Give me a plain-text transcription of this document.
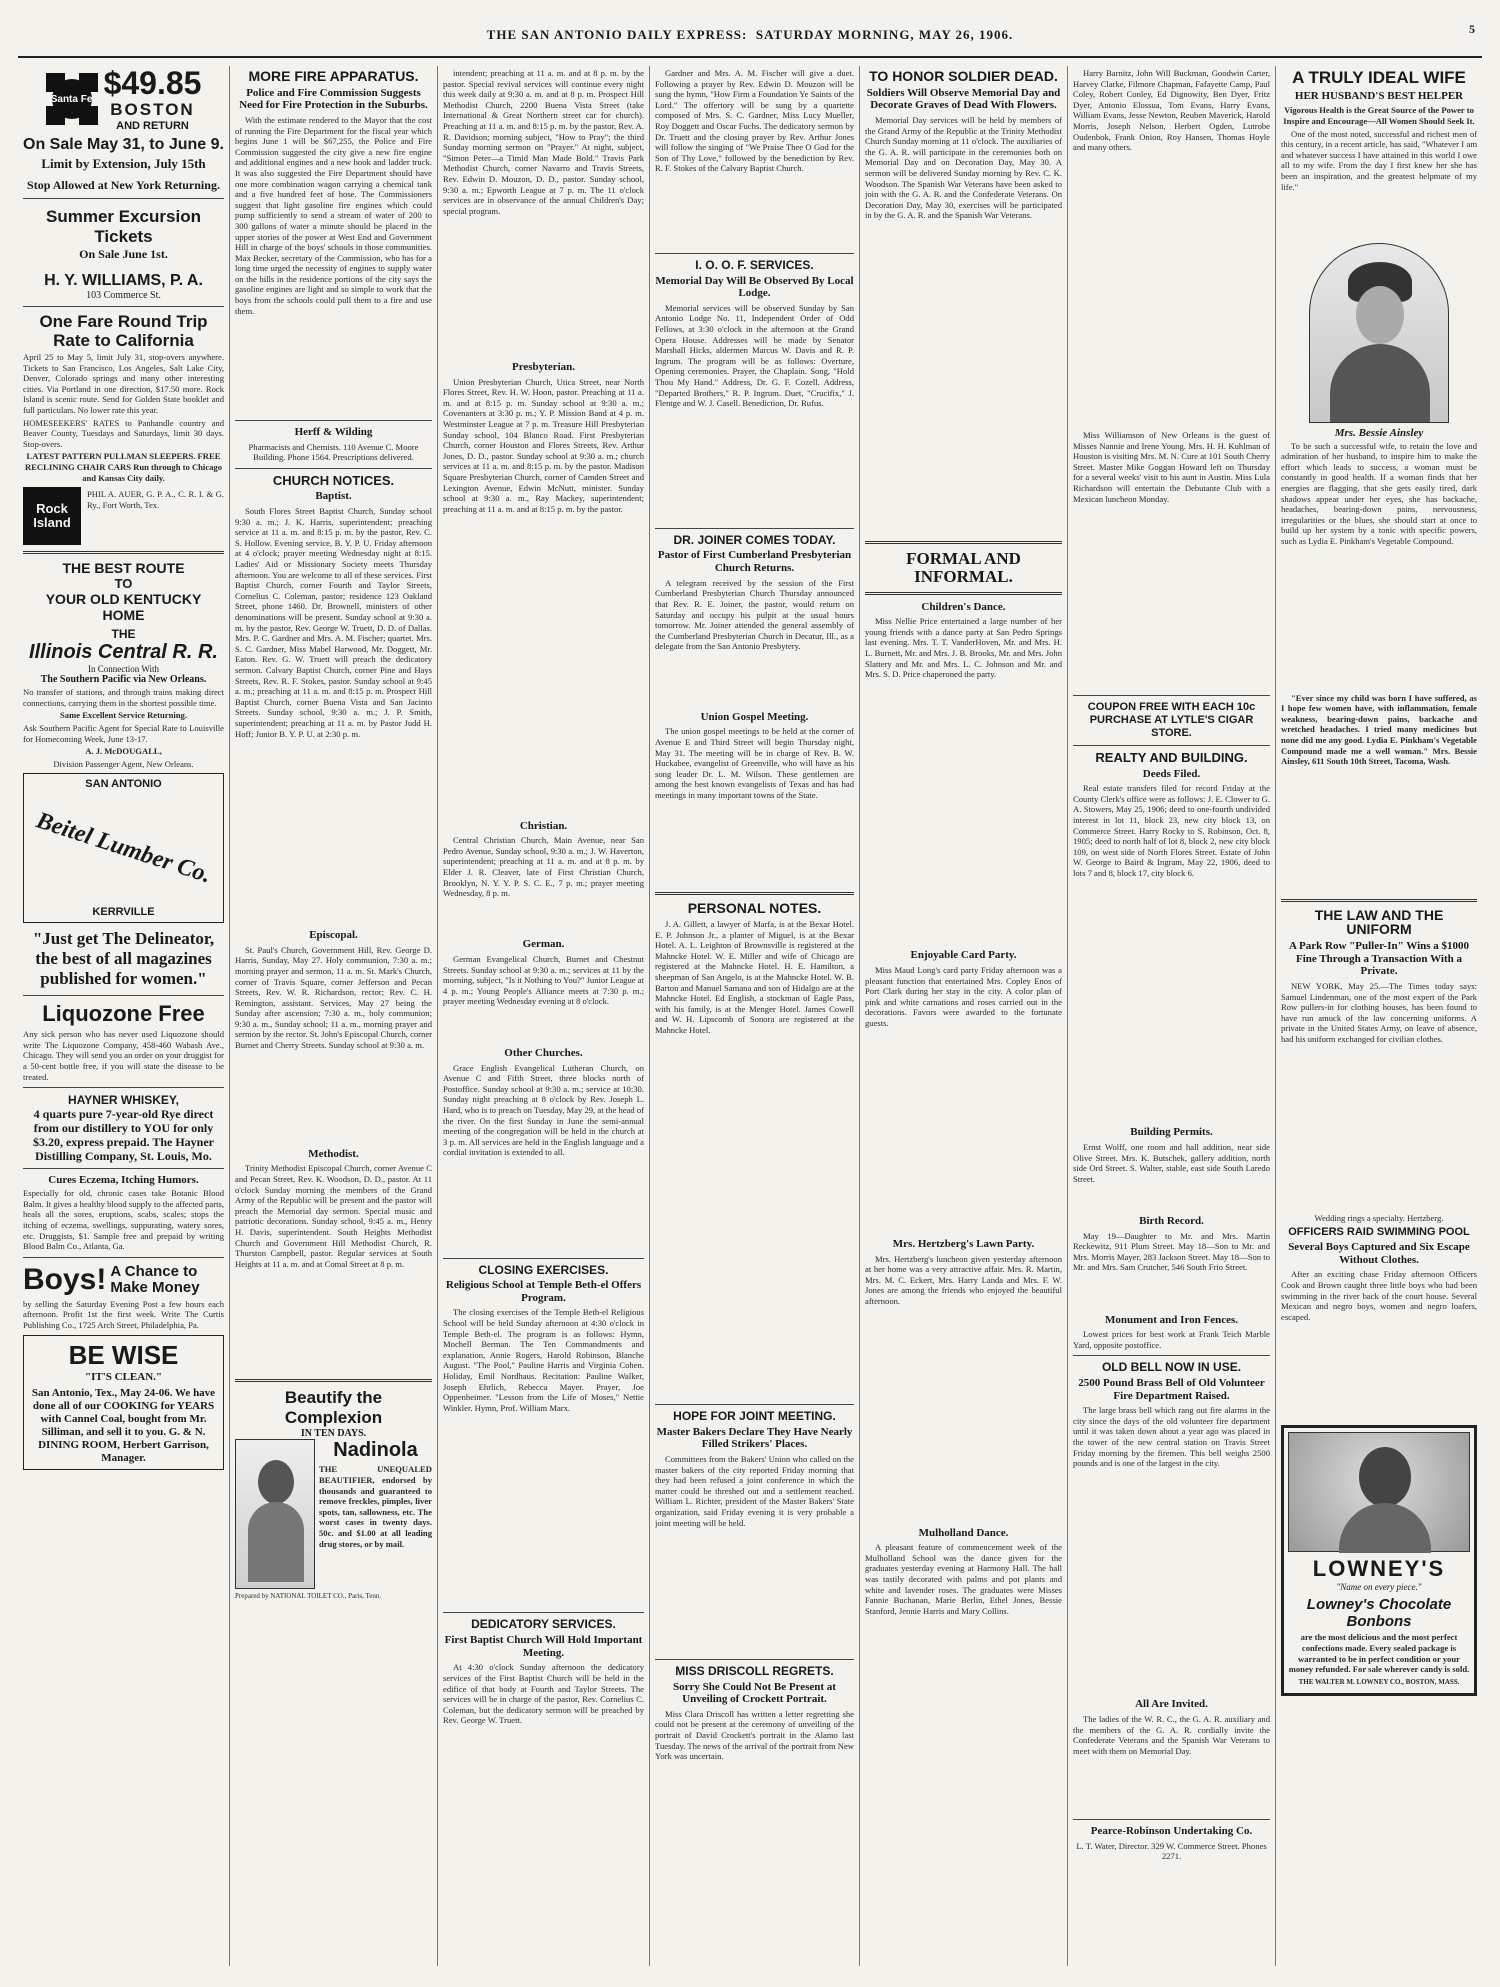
THE SAN ANTONIO DAILY EXPRESS:
SATURDAY MORNING, MAY 26, 1906.	5
Santa Fe $49.85
BOSTON
AND RETURN
On Sale May 31, to June 9.
Limit by Extension, July 15th
Stop Allowed at New York Returning.
Summer Excursion Tickets
On Sale June 1st.
H. Y. WILLIAMS, P. A.
103 Commerce St.
One Fare Round Trip Rate to California
April 25 to May 5, limit July 31, stop-overs anywhere. Tickets to San Francisco, Los Angeles, Salt Lake City, Denver, Colorado springs and many other interesting cities. Via Portland in one direction, $17.50 more. Rock Island is scenic route. Send for Golden State booklet and full particulars. No lower rate this year.
HOMESEEKERS' RATES to Panhandle country and Beaver County, Tuesdays and Saturdays, limit 30 days. Stop-overs.
LATEST PATTERN PULLMAN SLEEPERS. FREE RECLINING CHAIR CARS Run through to Chicago and Kansas City daily.
Rock
Island
PHIL A. AUER, G. P. A., C. R. I. & G. Ry., Fort Worth, Tex.
THE BEST ROUTE
TO
YOUR OLD KENTUCKY HOME
THE
Illinois Central R. R.
In Connection With
The Southern Pacific via New Orleans.
No transfer of stations, and through trains making direct connections, carrying them in the shortest possible time.
Same Excellent Service Returning.
Ask Southern Pacific Agent for Special Rate to Louisville for Homecoming Week, June 13-17.
A. J. McDOUGALL,
Division Passenger Agent, New Orleans.
SAN ANTONIO
Beitel Lumber Co.
KERRVILLE
"Just get The Delineator, the best of all magazines published for women."
Liquozone Free
Any sick person who has never used Liquozone should write The Liquozone Company, 458-460 Wabash Ave., Chicago. They will send you an order on your druggist for a 50-cent bottle free, if you will state the disease to be treated.
HAYNER WHISKEY,
4 quarts pure 7-year-old Rye direct from our distillery to YOU for only $3.20, express prepaid. The Hayner Distilling Company, St. Louis, Mo.
Cures Eczema, Itching Humors.
Especially for old, chronic cases take Botanic Blood Balm. It gives a healthy blood supply to the affected parts, heals all the sores, eruptions, scabs, scales; stops the itching of eczema, swellings, suppurating, watery sores, etc. Druggists, $1. Sample free and prepaid by writing Blood Balm Co., Atlanta, Ga.
Boys! A Chance to Make Money
by selling the Saturday Evening Post a few hours each afternoon. Profit 1st the first week. Write The Curtis Publishing Co., 1725 Arch Street, Philadelphia, Pa.
BE WISE
"IT'S CLEAN."
San Antonio, Tex., May 24-06. We have done all of our COOKING for YEARS with Cannel Coal, bought from Mr. Silliman, and sell it to you. G. & N. DINING ROOM, Herbert Garrison, Manager.
MORE FIRE APPARATUS.
Police and Fire Commission Suggests Need for Fire Protection in the Suburbs.
With the estimate rendered to the Mayor that the cost of running the Fire Department for the fiscal year which begins June 1 will be $67,255, the Police and Fire Commission suggested the city give a new fire engine and additional engines and a new hook and ladder truck. It was also suggested the Fire Department should have one more combination wagon carrying a chemical tank and a five hundred feet of hose. The Commissioners suggest that light gasoline fire engines which could pump sufficiently to send a stream of water of 200 to 300 gallons of water a minute should be placed in the upper stories of the power at West End and Government Hill in charge of the boys' schools in those communities. Max Becker, secretary of the Commission, who has for a long time urged the necessity of engines to supply water on the hills in the residence portions of the city says the gasoline engines are light and so simple to work that the boys from the schools could pull them to a fire and use them.
Herff & Wilding
Pharmacists and Chemists. 110 Avenue C. Moore Building. Phone 1564. Prescriptions delivered.
CHURCH NOTICES.
Baptist.
South Flores Street Baptist Church, Sunday school 9:30 a. m.; J. K. Harris, superintendent; preaching service at 11 a. m. and 8:15 p. m. by the pastor, Rev. C. S. Hollow. Evening service, B. Y. P. U. Friday afternoon at 4 o'clock; prayer meeting Wednesday night at 8:15. Ladies' Aid or Missionary Society meets Thursday afternoon. You are welcome to all of these services. First Baptist Church, corner Fourth and Taylor Streets, Cornelius C. Coleman, pastor; residence 123 Oakland Street, phone 1460. Dr. Brownell, ministers of other denominations will be present. Sunday school at 9:30 a. m. by the pastor, Rev. George W. Truett, D. D. of Dallas. Mrs. P. C. Gardner and Mrs. A. M. Fischer; quartet. Mrs. S. C. Gardner, Miss Mabel Harwood, Mr. Doggett, Mr. Eaton. Rev. G. W. Truett will preach the dedicatory sermon. Calvary Baptist Church, corner Pine and Hays Streets, Rev. R. F. Stokes, pastor. Sunday school at 9:45 a. m.; preaching at 11 a. m. and 8:15 p. m. Prospect Hill Baptist Church, corner Buena Vista and San Jacinto Streets. Sunday school, 9:30 a. m.; J. P. Smith, superintendent; preaching at 11 a. m. by Pastor Judd H. Hoff; Junior B. Y. P. U. at 2:30 p. m.
Episcopal.
St. Paul's Church, Government Hill, Rev. George D. Harris, Sunday, May 27. Holy communion, 7:30 a. m.; morning prayer and sermon, 11 a. m. St. Mark's Church, corner of Travis Square, corner Jefferson and Pecan Streets, Rev. W. R. Richardson, rector; Rev. C. H. Remington, assistant. Services, May 27 being the Sunday after ascension; 7:30 a. m., holy communion; 9:30 a. m., Sunday school; 11 a. m., morning prayer and sermon by the rector. St. John's Episcopal Church, corner Burnet and Cherry Streets. Sunday school at 9:30 a. m.
Methodist.
Trinity Methodist Episcopal Church, corner Avenue C and Pecan Street, Rev. K. Woodson, D. D., pastor. At 11 o'clock Sunday morning the members of the Grand Army of the Republic will be present and the pastor will preach the Memorial day sermon. Special music and patriotic decorations. Sunday school, 9:45 a. m., Henry H. Davis, superintendent. South Heights Methodist Church and Government Hill Methodist Church, R. Thurston Campbell, pastor. Regular services at South Heights at 11 a. m. and at Comal Street at 8 p. m.
Beautify the Complexion
IN TEN DAYS.
Nadinola
THE UNEQUALED BEAUTIFIER, endorsed by thousands and guaranteed to remove freckles, pimples, liver spots, tan, sallowness, etc. The worst cases in twenty days. 50c. and $1.00 at all leading drug stores, or by mail.
Prepared by NATIONAL TOILET CO., Paris, Tenn.
intendent; preaching at 11 a. m. and at 8 p. m. by the pastor. Special revival services will continue every night this week daily at 9:30 a. m. and at 8 p. m. Prospect Hill Methodist Church, 2200 Buena Vista Street (take International & Great Northern street car for church). Preaching at 11 a. m. and 8:15 p. m. by the pastor, Rev. A. R. Davidson; morning subject, "How to Pray"; the third Sunday morning sermon on "Prayer." At night, subject, "Simon Peter—a Timid Man Made Bold." Travis Park Methodist Church, corner Navarro and Travis Streets, Rev. Edwin D. Mouzon, D. D., pastor. Sunday school, 9:30 a. m.; Epworth League at 7 p. m. The 11 o'clock services are in observance of the annual Children's Day; special program.
Presbyterian.
Union Presbyterian Church, Utica Street, near North Flores Street, Rev. H. W. Hoon, pastor. Preaching at 11 a. m. and at 8:15 p. m. Sunday school at 9:30 a. m.; Covenanters at 3:30 p. m.; Y. P. Mission Band at 4 p. m. Westminster League at 7 p. m. Treasure Hill Presbyterian Sunday school, 104 Blanco Road. First Presbyterian Church, corner Houston and Flores Streets, Rev. Arthur Jones, D. D., pastor. Sunday school at 9:30 a. m.; church services at 11 a. m. and 8:15 p. m. by the pastor. Madison Square Presbyterian Church, corner of Camden Street and Lexington Avenue, Edwin McNutt, minister. Sunday school at 9:30 a. m., Ray Mackey, superintendent; preaching at 11 a. m. and at 8:15 p. m. by the pastor.
Christian.
Central Christian Church, Main Avenue, near San Pedro Avenue, Sunday school, 9:30 a. m.; J. W. Haverton, superintendent; preaching at 11 a. m. and at 8 p. m. by Elder J. R. Cleaver, late of First Christian Church, Brooklyn, N. Y. Y. P. S. C. E., 7 p. m.; prayer meeting Wednesday, 8 p. m.
German.
German Evangelical Church, Burnet and Chestnut Streets. Sunday school at 9:30 a. m.; services at 11 by the morning, subject, "Is it Nothing to You?" Junior League at 4 p. m.; Young People's Alliance meets at 7:30 p. m.; prayer meeting Wednesday evening at 8 o'clock.
Other Churches.
Grace English Evangelical Lutheran Church, on Avenue C and Fifth Street, three blocks north of Postoffice. Sunday school at 9:30 a. m.; service at 10:30. Sunday night preaching at 8 o'clock by Rev. Joseph L. Hard, who is to preach on Tuesday, May 29, at the head of the river. On the first Sunday in June the semi-annual meeting of the congregation will be held in the church at 3 p. m. All services are held in the English language and a cordial invitation is extended to all.
CLOSING EXERCISES.
Religious School at Temple Beth-el Offers Program.
The closing exercises of the Temple Beth-el Religious School will be held Sunday afternoon at 4:30 o'clock in Temple Beth-el. The program is as follows: Hymn, Mochell Berman. The Ten Commandments and explanation, Annie Rogers, Harold Robinson, Blanche August. "The Pool," Pauline Harris and Virginia Cohen. Holiday, Emil Nordhaus. Recitation: Pauline Walker, Joseph Ehrlich, Rebecca Mayer. Prayer, Joe Oppenheimer. "Lesson from the Life of Moses," Nettie Winkler. Hymn, Prof. William Marx.
DEDICATORY SERVICES.
First Baptist Church Will Hold Important Meeting.
At 4:30 o'clock Sunday afternoon the dedicatory services of the First Baptist Church will be held in the edifice of that body at Fourth and Taylor Streets. The services will be in charge of the pastor, Rev. Cornelius C. Coleman, but the dedicatory sermon will be preached by Rev. George W. Truett.
Gardner and Mrs. A. M. Fischer will give a duet. Following a prayer by Rev. Edwin D. Mouzon will be sung the hymn, "How Firm a Foundation Ye Saints of the Lord." The offertory will be sung by a quartette composed of Mrs. S. C. Gardner, Miss Lucy Mueller, Roy Doggett and Oscar Fuchs. The dedicatory sermon by Dr. Truett and the closing prayer by Rev. Arthur Jones will follow the singing of "We Praise Thee O God for the Son of Thy Love," followed by the benediction by Rev. R. F. Stokes of the Calvary Baptist Church.
I. O. O. F. SERVICES.
Memorial Day Will Be Observed By Local Lodge.
Memorial services will be observed Sunday by San Antonio Lodge No. 11, Independent Order of Odd Fellows, at 3:30 o'clock in the afternoon at the Grand Opera House. Addresses will be made by Senator Marshall Hicks, aldermen Marcus W. Davis and R. P. Ingrum. The program will be as follows: Overture, Opening ceremonies. Prayer, the Chaplain. Song, "Hold Thou My Hand." Address, Dr. G. F. Cozell. Address, "Departed Brothers," R. P. Ingrum. Duet, "Crucifix," J. Flentge and W. J. Casell. Benediction, Dr. Rufus.
DR. JOINER COMES TODAY.
Pastor of First Cumberland Presbyterian Church Returns.
A telegram received by the session of the First Cumberland Presbyterian Church Thursday announced that Rev. R. E. Joiner, the pastor, would return on Saturday and occupy his pulpit at the usual hours tomorrow. Mr. Joiner attended the general assembly of the Cumberland Presbyterian Church in Decatur, Ill., as a delegate from the San Antonio Presbytery.
Union Gospel Meeting.
The union gospel meetings to be held at the corner of Avenue E and Third Street will begin Thursday night, May 31. The meeting will be in charge of Rev. B. W. Huckabee, evangelist of Greenville, who will have as his song leader Dr. L. M. Wilson. These gentlemen are among the best known evangelists of Texas and has had meetings in many important towns of the State.
PERSONAL NOTES.
J. A. Gillett, a lawyer of Marfa, is at the Bexar Hotel. E. P. Johnson Jr., a planter of Miguel, is at the Bexar Hotel. A. L. Leighton of Brownsville is registered at the Mahncke Hotel. W. E. Miller and wife of Chicago are registered at the Mahncke Hotel. H. E. Hamilton, a sheepman of San Angelo, is at the Mahncke Hotel. W. B. Barton and Manuel Samana and son of Hidalgo are at the Mahncke Hotel. Ed English, a stockman of Eagle Pass, with his family, is at the Menger Hotel. James Cowell and W. H. Lipscomb of Sonora are registered at the Mahncke Hotel.
HOPE FOR JOINT MEETING.
Master Bakers Declare They Have Nearly Filled Strikers' Places.
Committees from the Bakers' Union who called on the master bakers of the city reported Friday morning that they had been refused a joint conference in which the matter could be threshed out and a settlement reached. William L. Richter, president of the Master Bakers' State organization, said Friday evening it is very probable a joint meeting will be held.
MISS DRISCOLL REGRETS.
Sorry She Could Not Be Present at Unveiling of Crockett Portrait.
Miss Clara Driscoll has written a letter regretting she could not be present at the ceremony of unveiling of the portrait of David Crockett's portrait in the Alamo last Tuesday. The news of the arrival of the portrait from New York was uncertain.
TO HONOR SOLDIER DEAD.
Soldiers Will Observe Memorial Day and Decorate Graves of Dead With Flowers.
Memorial Day services will be held by members of the Grand Army of the Republic at the Trinity Methodist Church Sunday morning at 11 o'clock. The auxiliaries of the G. A. R. will participate in the ceremonies both on Memorial Day and on Decoration Day, May 30. A sermon will be delivered Sunday morning by Rev. C. K. Woodson. The Spanish War Veterans have been asked to join with the G. A. R. and the Confederate Veterans. On Decoration Day, May 30, exercises will be participated in by the G. A. R. and the Spanish War Veterans.
FORMAL AND INFORMAL.
Children's Dance.
Miss Nellie Price entertained a large number of her young friends with a dance party at San Pedro Springs last evening. Mrs. T. T. VanderHoven, Mr. and Mrs. H. L. Burnett, Mr. and Mrs. J. B. Brooks, Mr. and Mrs. John Slattery and Mr. and Mrs. L. C. Johnson and Mr. and Mrs. S. D. Price chaperoned the party.
Enjoyable Card Party.
Miss Maud Long's card party Friday afternoon was a pleasant function that entertained Mrs. Copley Enos of Port Clark during her stay in the city. A color plan of pink and white carnations and roses carried out in the decorations. Favors were awarded to the fortunate guests.
Mrs. Hertzberg's Lawn Party.
Mrs. Hertzberg's luncheon given yesterday afternoon at her home was a very attractive affair. Mrs. R. Martin, Mrs. M. C. Eckert, Mrs. Harry Landa and Mrs. F. W. Jones are among the friends who enjoyed the beautiful afternoon.
Mulholland Dance.
A pleasant feature of commencement week of the Mulholland School was the dance given for the graduates yesterday evening at Harmony Hall. The hall was tastily decorated with palms and pot plants and white and lavender roses. The graduates were Misses Fannie Buchanan, Marie Berlin, Ethel Jones, Bessie Stanford, Jennie Harris and Mary Collins.
Harry Barnitz, John Will Buckman, Goodwin Carter, Harvey Clarke, Filmore Chapman, Fafayette Camp, Paul Coley, Robert Conley, Ed Dignowity, Ben Dyer, Fritz Dyer, Antonio Elossua, Tom Evans, Harry Evans, William Evans, Jesse Newton, Reuben Maverick, Harold Morris, Joseph Nelson, Herbert Ogden, Lutrobe Oudenbok, Frank Onion, Roy Hansen, Thomas Hoyle and many others.
Miss Williamson of New Orleans is the guest of Misses Nannie and Irene Young. Mrs. H. H. Kuhlman of Houston is visiting Mrs. M. N. Cure at 101 South Cherry Street. Master Mike Goggan Howard left on Thursday for a several weeks' visit to his aunt in Austin. Miss Lula Richardson will entertain the Debutante Club with a Mexican luncheon Monday.
COUPON FREE WITH EACH 10c PURCHASE AT LYTLE'S CIGAR STORE.
REALTY AND BUILDING.
Deeds Filed.
Real estate transfers filed for record Friday at the County Clerk's office were as follows: J. E. Clower to G. A. Stowers, May 25, 1906; deed to one-fourth undivided interest in lot 11, block 23, new city block 13, on Commerce Street. Harry Rocky to S. Robinson, Oct. 8, 1905; deed to north half of lot 8, block 2, new city block 109, on west side of North Flores Street. Estate of John W. George to Baird & Ingram, May 22, 1906, deed to lots 7 and 8, block 17, city block 6.
Building Permits.
Ernst Wolff, one room and hall addition, near side Olive Street. Mrs. K. Butschek, gallery addition, north side Ord Street. S. Walter, stable, east side South Laredo Street.
Birth Record.
May 19—Daughter to Mr. and Mrs. Martin Reckewitz, 911 Plum Street. May 18—Son to Mr. and Mrs. Morris Mayer, 283 Jackson Street. May 18—Son to Mr. and Mrs. Sam Crutcher, 546 South Frio Street.
Monument and Iron Fences.
Lowest prices for best work at Frank Teich Marble Yard, opposite postoffice.
OLD BELL NOW IN USE.
2500 Pound Brass Bell of Old Volunteer Fire Department Raised.
The large brass bell which rang out fire alarms in the city since the days of the old volunteer fire department until it was taken down about a year ago was placed in the tower of the new central station on Travis Street Friday morning by the firemen. This bell weighs 2500 pounds and is one of the largest in the city.
All Are Invited.
The ladies of the W. R. C., the G. A. R. auxiliary and the members of the G. A. R. cordially invite the Confederate Veterans and the Spanish War Veterans to meet with them on Memorial Day.
Pearce-Robinson Undertaking Co.
L. T. Water, Director. 329 W. Commerce Street. Phones 2271.
A TRULY IDEAL WIFE
HER HUSBAND'S BEST HELPER
Vigorous Health is the Great Source of the Power to Inspire and Encourage—All Women Should Seek It.
One of the most noted, successful and richest men of this century, in a recent article, has said, "Whatever I am and whatever success I have attained in this world I owe all to my wife. From the day I first knew her she has been an inspiration, and the greatest helpmate of my life."
Mrs. Bessie Ainsley
To be such a successful wife, to retain the love and admiration of her husband, to inspire him to make the effort which leads to success, a woman must be constantly in good health. If a woman finds that her energies are flagging, that she gets easily tired, dark shadows appear under her eyes, she has backache, headaches, bearing-down pains, nervousness, irregularities or the blues, she should start at once to build up her system by a tonic with specific powers, such as Lydia E. Pinkham's Vegetable Compound.
"Ever since my child was born I have suffered, as I hope few women have, with inflammation, female weakness, bearing-down pains, backache and wretched headaches. I tried many medicines but none did me any good. Lydia E. Pinkham's Vegetable Compound made me a well woman." Mrs. Bessie Ainsley, 611 South 10th Street, Tacoma, Wash.
THE LAW AND THE UNIFORM
A Park Row "Puller-In" Wins a $1000 Fine Through a Transaction With a Private.
NEW YORK, May 25.—The Times today says: Samuel Lindenman, one of the most expert of the Park Row pullers-in for clothing houses, has been found to have run amuck of the law concerning uniforms. A private in the United States Army, on leave of absence, had his uniform exchanged for civilian clothes.
Wedding rings a specialty. Hertzberg.
OFFICERS RAID SWIMMING POOL
Several Boys Captured and Six Escape Without Clothes.
After an exciting chase Friday afternoon Officers Cook and Brown caught three little boys who had been swimming in the river back of the court house. Several Mexican and negro boys, women and negro loafers, escaped.
LOWNEY'S
"Name on every piece."
Lowney's Chocolate Bonbons
are the most delicious and the most perfect confections made. Every sealed package is warranted to be in perfect condition or your money refunded. For sale wherever candy is sold.
THE WALTER M. LOWNEY CO., BOSTON, MASS.
